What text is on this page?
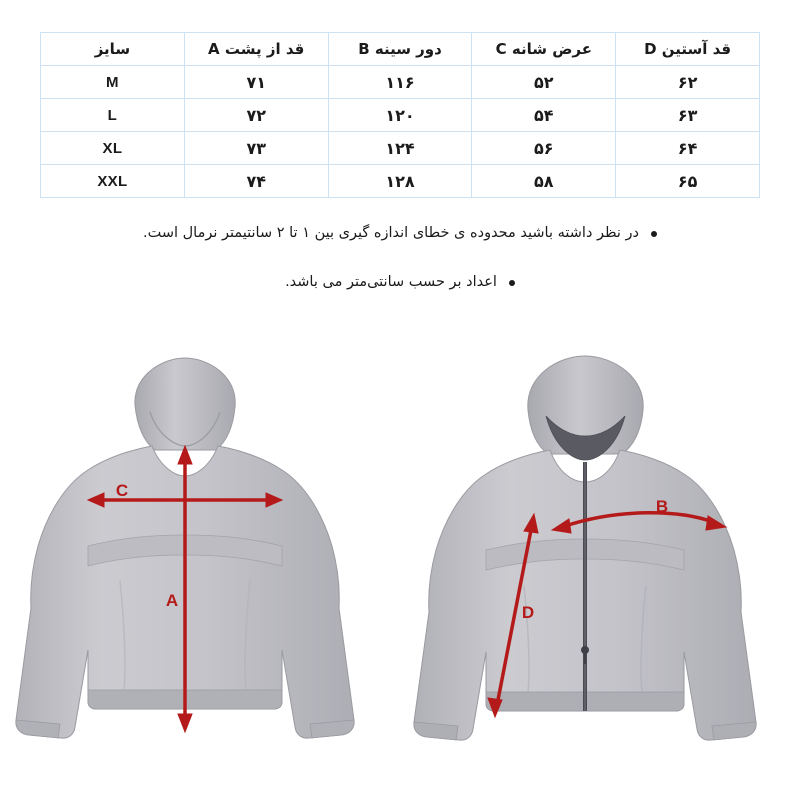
قد آستین D	عرض شانه C	دور سینه B	قد از پشت A	سایز
۶۲	۵۲	۱۱۶	۷۱	M
۶۳	۵۴	۱۲۰	۷۲	L
۶۴	۵۶	۱۲۴	۷۳	XL
۶۵	۵۸	۱۲۸	۷۴	XXL
در نظر داشته باشید محدوده ی خطای اندازه گیری بین ۱ تا ۲ سانتیمتر نرمال است.
اعداد بر حسب سانتی‌متر می باشد.
C
A
B
D
